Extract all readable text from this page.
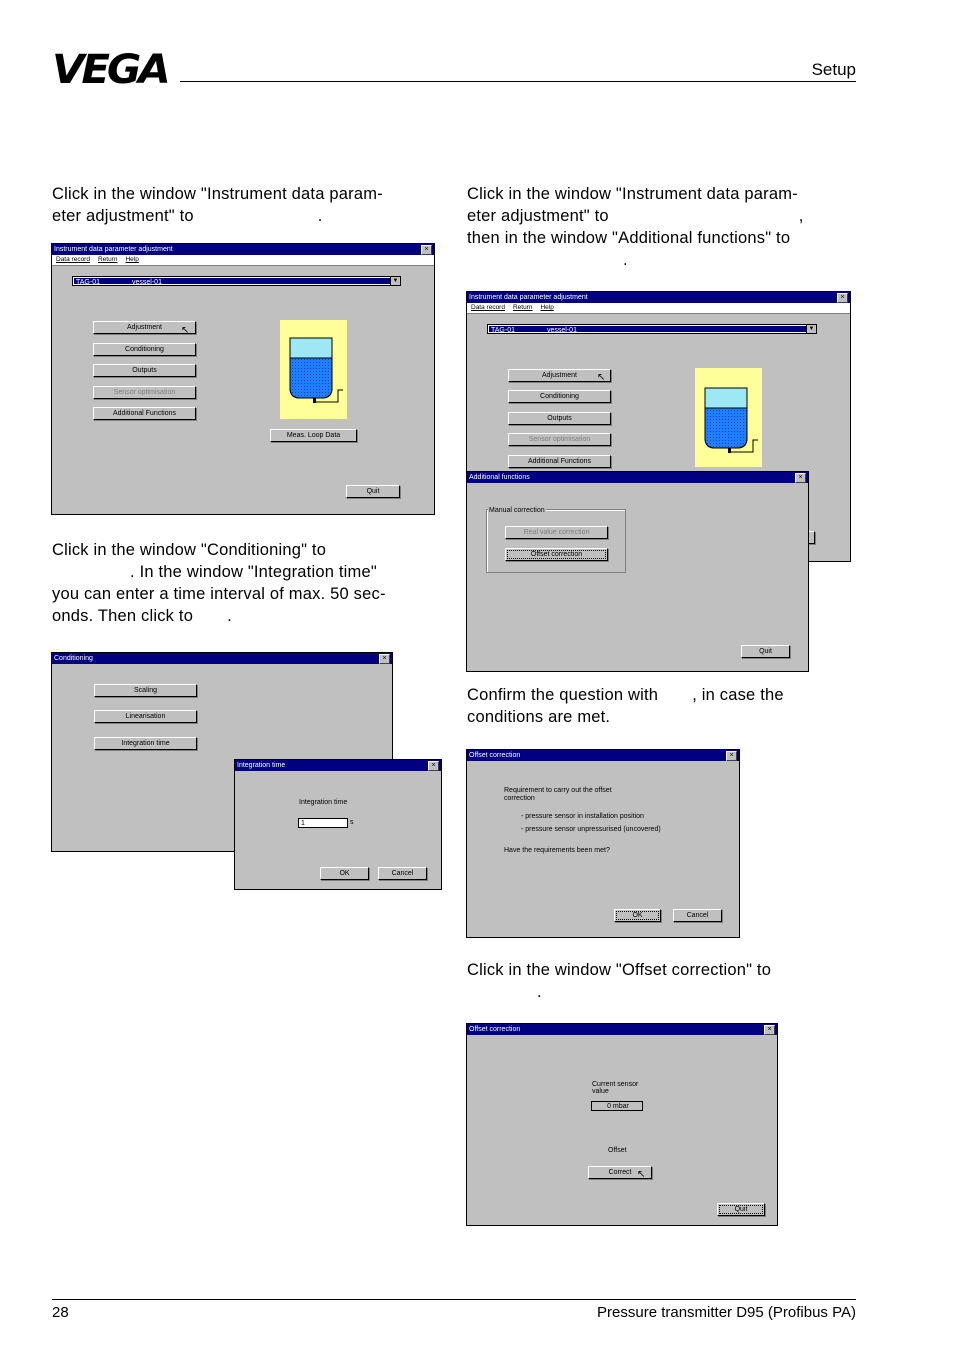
VEGA	Setup

Click in the window "Instrument data param-

eter adjustment" to	.

Instrument data parameter adjustment	×
Data record Return Help
TAG-01	vessel-01	▼
Adjustment
Conditioning
Outputs
Sensor optimisation
Additional Functions
↖
Meas. Loop Data
Quit

Click in the window "Conditioning" to

. In the window "Integration time"

you can enter a time interval of max. 50 sec-

onds. Then click to .

Conditioning	×
Scaling
Linearisation
Integration time
Integration time	×
Integration time
1	s
OK	Cancel

Click in the window "Instrument data param-

eter adjustment" to	,

then in the window "Additional functions" to

.

Instrument data parameter adjustment	×
Data record Return Help
TAG-01	vessel-01	▼
Adjustment
Conditioning
Outputs
Sensor optimisation
Additional Functions
↖
Additional functions	×
Manual correction
Real value correction
Offset correction
Quit

Confirm the question with , in case the

conditions are met.

Offset correction	×
Requirement to carry out the offset
correction
- pressure sensor in installation position
- pressure sensor unpressurised (uncovered)
Have the requirements been met?
OK	Cancel

Click in the window "Offset correction" to

.

Offset correction	×
Current sensor
value
0 mbar
Offset
Correct ↖
Quit
28	Pressure transmitter D95 (Profibus PA)
